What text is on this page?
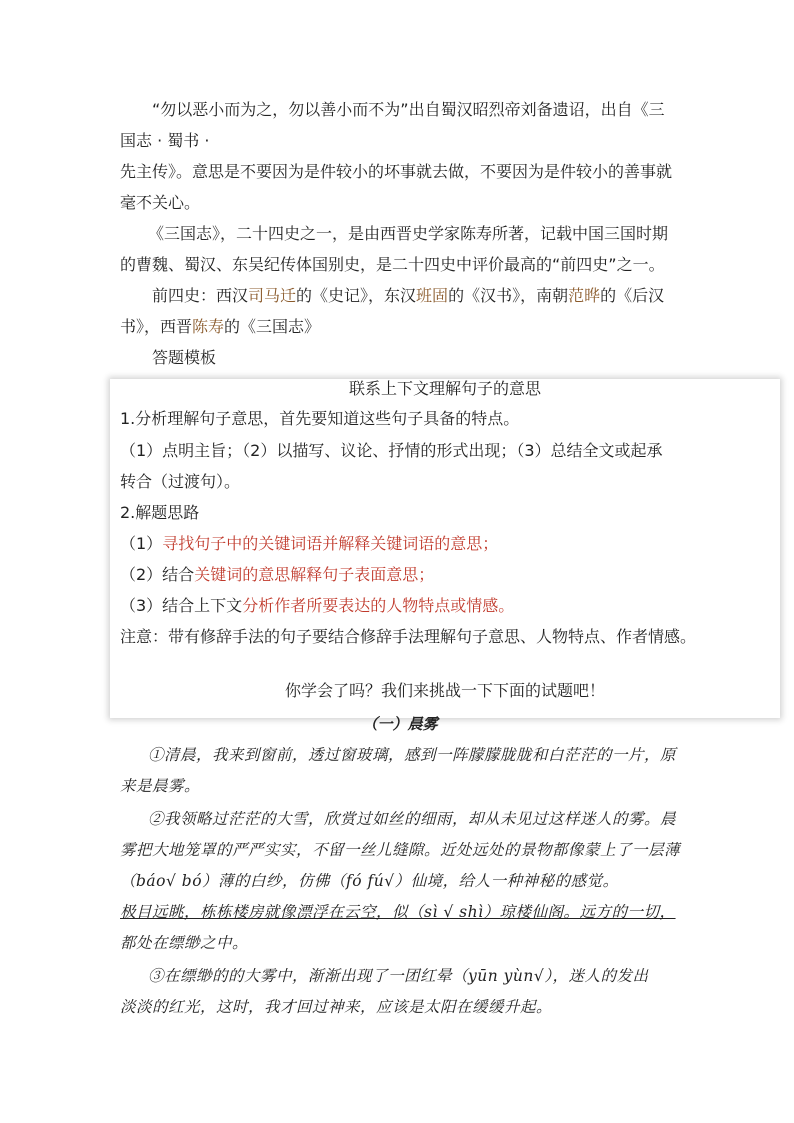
“勿以恶小而为之，勿以善小而不为”出自蜀汉昭烈帝刘备遗诏，出自《三
国志 · 蜀书 ·
先主传》。意思是不要因为是件较小的坏事就去做，不要因为是件较小的善事就
毫不关心。
《三国志》，二十四史之一，是由西晋史学家陈寿所著，记载中国三国时期
的曹魏、蜀汉、东吴纪传体国别史，是二十四史中评价最高的“前四史”之一。
前四史：西汉司马迁的《史记》，东汉班固的《汉书》，南朝范晔的《后汉
书》，西晋陈寿的《三国志》
答题模板
联系上下文理解句子的意思
1.分析理解句子意思，首先要知道这些句子具备的特点。
（1）点明主旨；（2）以描写、议论、抒情的形式出现；（3）总结全文或起承
转合（过渡句）。
2.解题思路
（1）寻找句子中的关键词语并解释关键词语的意思；
（2）结合关键词的意思解释句子表面意思；
（3）结合上下文分析作者所要表达的人物特点或情感。
注意：带有修辞手法的句子要结合修辞手法理解句子意思、人物特点、作者情感。
你学会了吗？我们来挑战一下下面的试题吧！
（一）晨雾
①清晨，我来到窗前，透过窗玻璃，感到一阵朦朦胧胧和白茫茫的一片，原
来是晨雾。
②我领略过茫茫的大雪，欣赏过如丝的细雨，却从未见过这样迷人的雾。晨
雾把大地笼罩的严严实实，不留一丝儿缝隙。近处远处的景物都像蒙上了一层薄
（báo√ bó）薄的白纱，仿佛（fó fú√）仙境，给人一种神秘的感觉。
极目远眺，栋栋楼房就像漂浮在云空，似（sì √ shì）琼楼仙阁。远方的一切，
都处在缥缈之中。
③在缥缈的的大雾中，渐渐出现了一团红晕（yūn yùn√），迷人的发出
淡淡的红光，这时，我才回过神来，应该是太阳在缓缓升起。
